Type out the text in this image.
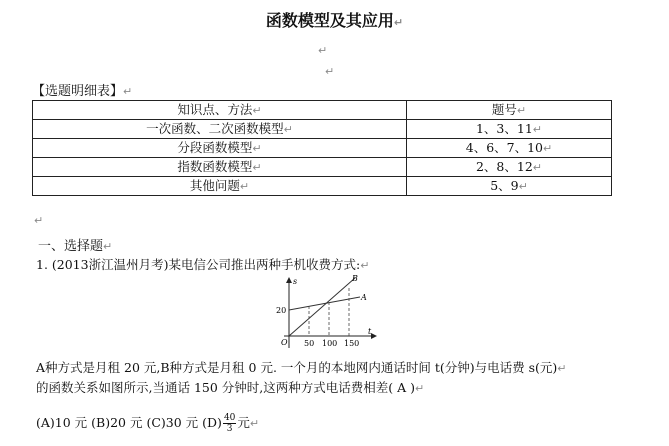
函数模型及其应用↵
↵
↵
【选题明细表】↵
知识点、方法↵	题号↵
一次函数、二次函数模型↵	1、3、11↵
分段函数模型↵	4、6、7、10↵
指数函数模型↵	2、8、12↵
其他问题↵	5、9↵
↵
一、选择题↵
1. (2013浙江温州月考)某电信公司推出两种手机收费方式:↵
s
t
O
20
50 100 150
A
B
A种方式是月租 20 元,B种方式是月租 0 元. 一个月的本地网内通话时间 t(分钟)与电话费 s(元)↵
的函数关系如图所示,当通话 150 分钟时,这两种方式电话费相差( A )↵
(A)10 元 (B)20 元 (C)30 元 $(D) \frac{40}{3}$ 元↵
